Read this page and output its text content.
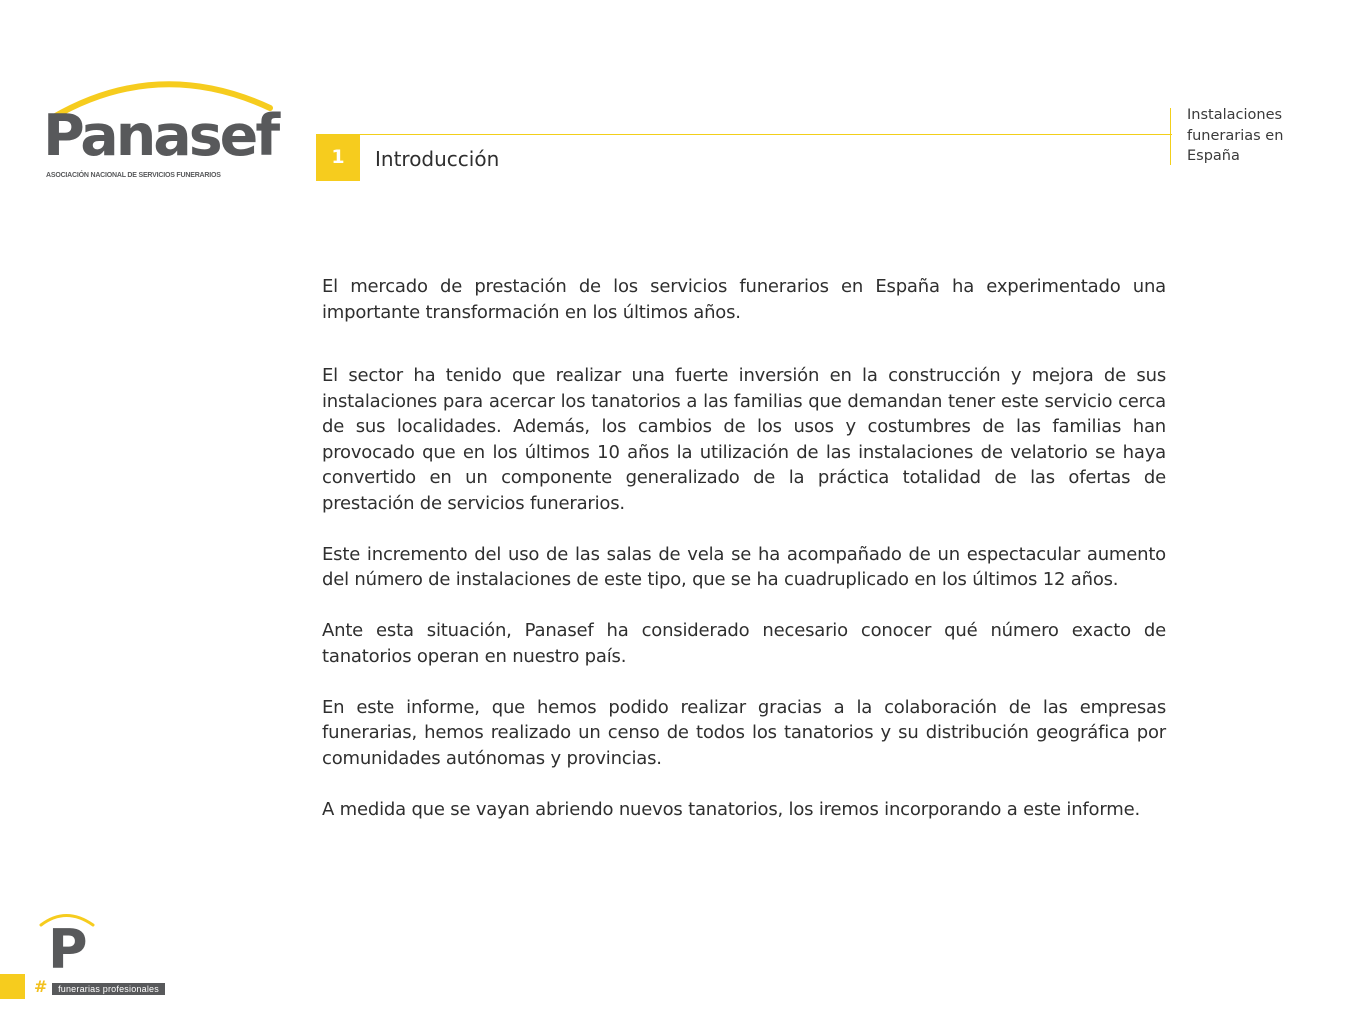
Panasef
ASOCIACIÓN NACIONAL DE SERVICIOS FUNERARIOS
1	Introducción
Instalaciones
funerarias en
España

El mercado de prestación de los servicios funerarios en España ha experimentado una importante transformación en los últimos años.

El sector ha tenido que realizar una fuerte inversión en la construcción y mejora de sus instalaciones para acercar los tanatorios a las familias que demandan tener este servicio cerca de sus localidades. Además, los cambios de los usos y costumbres de las familias han provocado que en los últimos 10 años la utilización de las instalaciones de velatorio se haya convertido en un componente generalizado de la práctica totalidad de las ofertas de prestación de servicios funerarios.

Este incremento del uso de las salas de vela se ha acompañado de un espectacular aumento del número de instalaciones de este tipo, que se ha cuadruplicado en los últimos 12 años.

Ante esta situación, Panasef ha considerado necesario conocer qué número exacto de tanatorios operan en nuestro país.

En este informe, que hemos podido realizar gracias a la colaboración de las empresas funerarias, hemos realizado un censo de todos los tanatorios y su distribución geográfica por comunidades autónomas y provincias.

A medida que se vayan abriendo nuevos tanatorios, los iremos incorporando a este informe.

P
#	funerarias profesionales
